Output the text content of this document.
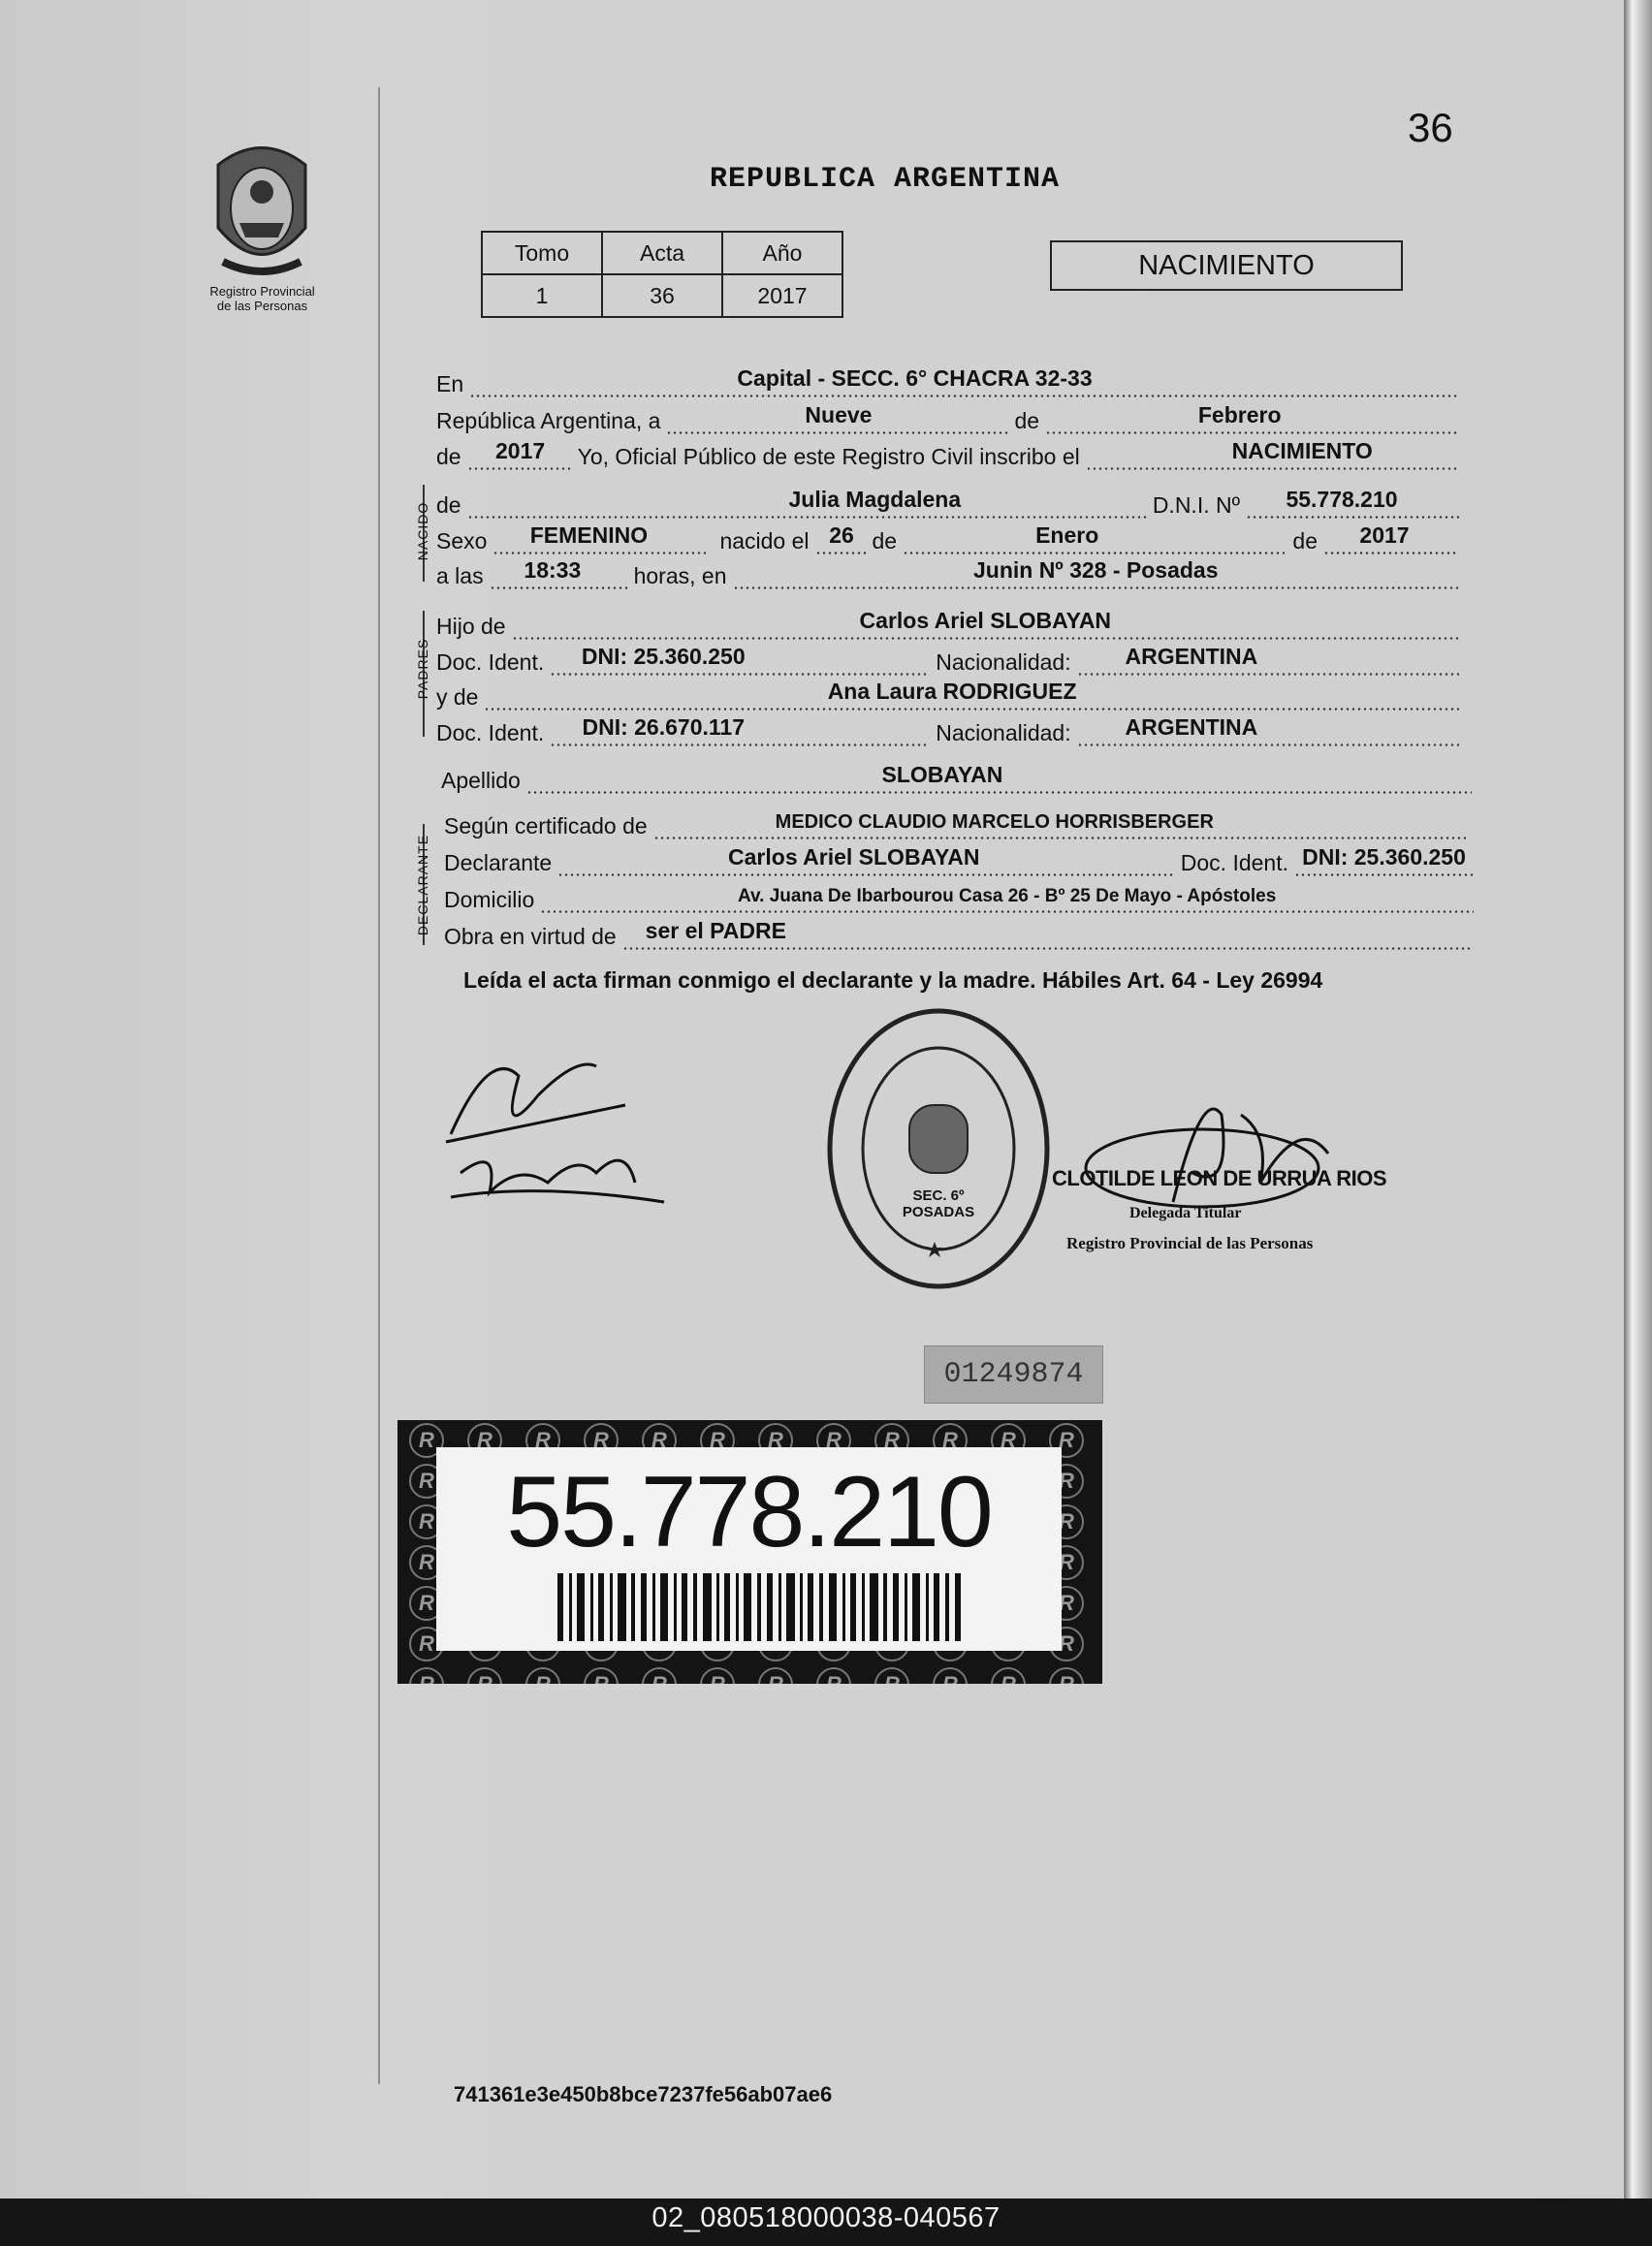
36
Registro Provincial
de las Personas
REPUBLICA ARGENTINA
Tomo	Acta	Año
1	36	2017
NACIMIENTO
En	Capital - SECC. 6° CHACRA 32-33
República Argentina, a	Nueve	de	Febrero
de 2017 Yo, Oficial Público de este Registro Civil inscribo el	NACIMIENTO
de	Julia Magdalena	D.N.I. Nº 55.778.210
Sexo FEMENINO	nacido el 26 de	Enero	de 2017
a las 18:33 horas, en	Junin Nº 328 - Posadas
Hijo de	Carlos Ariel SLOBAYAN
Doc. Ident. DNI: 25.360.250	Nacionalidad: ARGENTINA
y de	Ana Laura RODRIGUEZ
Doc. Ident. DNI: 26.670.117	Nacionalidad: ARGENTINA
Apellido	SLOBAYAN
Según certificado de	MEDICO CLAUDIO MARCELO HORRISBERGER
Declarante	Carlos Ariel SLOBAYAN	Doc. Ident. DNI: 25.360.250
Domicilio	Av. Juana De Ibarbourou Casa 26 - Bº 25 De Mayo - Apóstoles
Obra en virtud de ser el PADRE
NACIDO
PADRES
DECLARANTE
Leída el acta firman conmigo el declarante y la madre. Hábiles Art. 64 - Ley 26994
SEC. 6º POSADAS
CLOTILDE LEON DE URRUA RIOS
Delegada Titular
Registro Provincial de las Personas
01249874
55.778.210
741361e3e450b8bce7237fe56ab07ae6
02_080518000038-040567
